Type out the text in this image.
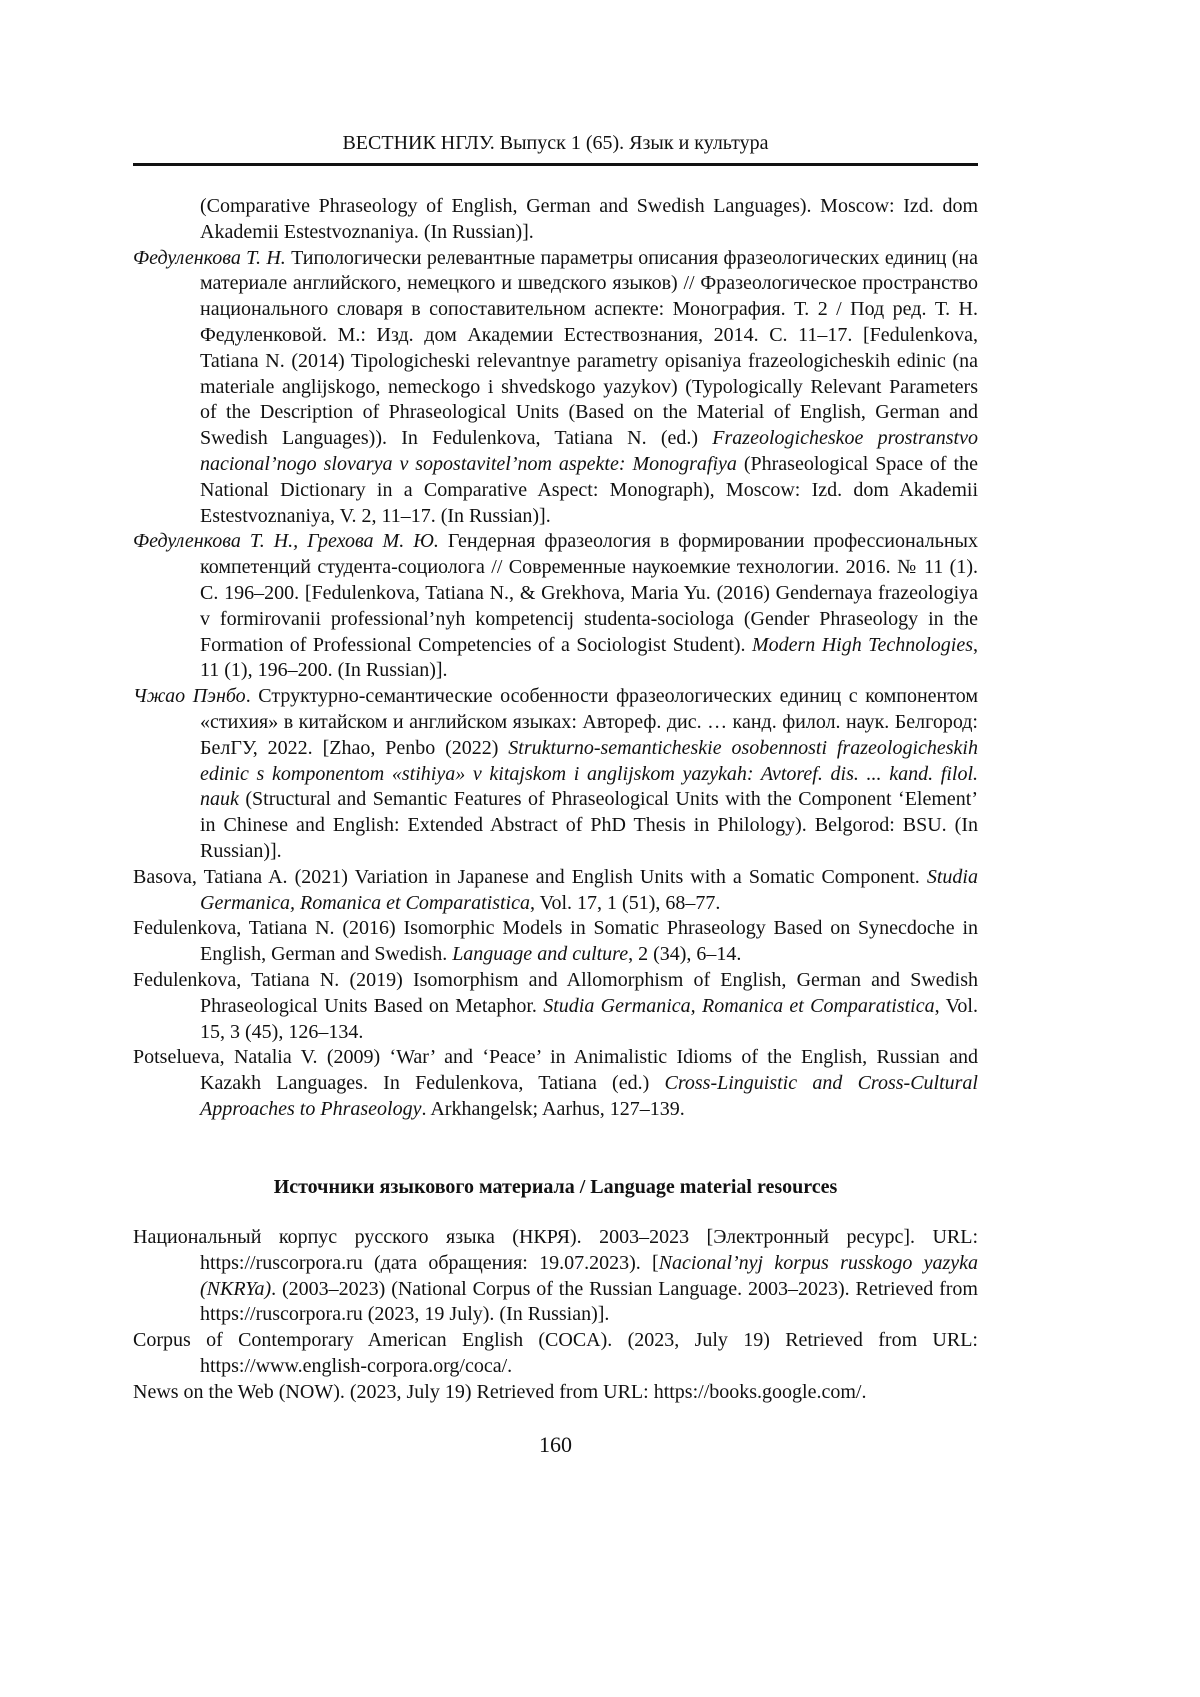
ВЕСТНИК НГЛУ. Выпуск 1 (65). Язык и культура

(Comparative Phraseology of English, German and Swedish Languages). Moscow: Izd. dom Akademii Estestvoznaniya. (In Russian)].

Федуленкова Т. Н. Типологически релевантные параметры описания фразеологических единиц (на материале английского, немецкого и шведского языков) // Фразеологическое пространство национального словаря в сопоставительном аспекте: Монография. Т. 2 / Под ред. Т. Н. Федуленковой. М.: Изд. дом Академии Естествознания, 2014. С. 11–17. [Fedulenkova, Tatiana N. (2014) Tipologicheski relevantnye parametry opisaniya frazeologicheskih edinic (na materiale anglijskogo, nemeckogo i shvedskogo yazykov) (Typologically Relevant Parameters of the Description of Phraseological Units (Based on the Material of English, German and Swedish Languages)). In Fedulenkova, Tatiana N. (ed.) Frazeologicheskoe prostranstvo nacional’nogo slovarya v sopostavitel’nom aspekte: Monografiya (Phraseological Space of the National Dictionary in a Comparative Aspect: Monograph), Moscow: Izd. dom Akademii Estestvoznaniya, V. 2, 11–17. (In Russian)].

Федуленкова Т. Н., Грехова М. Ю. Гендерная фразеология в формировании профессиональных компетенций студента-социолога // Современные наукоемкие технологии. 2016. № 11 (1). С. 196–200. [Fedulenkova, Tatiana N., & Grekhova, Maria Yu. (2016) Gendernaya frazeologiya v formirovanii professional’nyh kompetencij studenta-sociologa (Gender Phraseology in the Formation of Professional Competencies of a Sociologist Student). Modern High Technologies, 11 (1), 196–200. (In Russian)].

Чжао Пэнбо. Структурно-семантические особенности фразеологических единиц с компонентом «стихия» в китайском и английском языках: Автореф. дис. … канд. филол. наук. Белгород: БелГУ, 2022. [Zhao, Penbo (2022) Strukturno-semanticheskie osobennosti frazeologicheskih edinic s komponentom «stihiya» v kitajskom i anglijskom yazykah: Avtoref. dis. ... kand. filol. nauk (Structural and Semantic Features of Phraseological Units with the Component ‘Element’ in Chinese and English: Extended Abstract of PhD Thesis in Philology). Belgorod: BSU. (In Russian)].

Basova, Tatiana A. (2021) Variation in Japanese and English Units with a Somatic Component. Studia Germanica, Romanica et Comparatistica, Vol. 17, 1 (51), 68–77.

Fedulenkova, Tatiana N. (2016) Isomorphic Models in Somatic Phraseology Based on Synecdoche in English, German and Swedish. Language and culture, 2 (34), 6–14.

Fedulenkova, Tatiana N. (2019) Isomorphism and Allomorphism of English, German and Swedish Phraseological Units Based on Metaphor. Studia Germanica, Romanica et Comparatistica, Vol. 15, 3 (45), 126–134.

Potselueva, Natalia V. (2009) ‘War’ and ‘Peace’ in Animalistic Idioms of the English, Russian and Kazakh Languages. In Fedulenkova, Tatiana (ed.) Cross-Linguistic and Cross-Cultural Approaches to Phraseology. Arkhangelsk; Aarhus, 127–139.

Источники языкового материала / Language material resources

Национальный корпус русского языка (НКРЯ). 2003–2023 [Электронный ресурс]. URL: https://ruscorpora.ru (дата обращения: 19.07.2023). [Nacional’nyj korpus russkogo yazyka (NKRYa). (2003–2023) (National Corpus of the Russian Language. 2003–2023). Retrieved from https://ruscorpora.ru (2023, 19 July). (In Russian)].

Corpus of Contemporary American English (COCA). (2023, July 19) Retrieved from URL: https://www.english-corpora.org/coca/.

News on the Web (NOW). (2023, July 19) Retrieved from URL: https://books.google.com/.

160
